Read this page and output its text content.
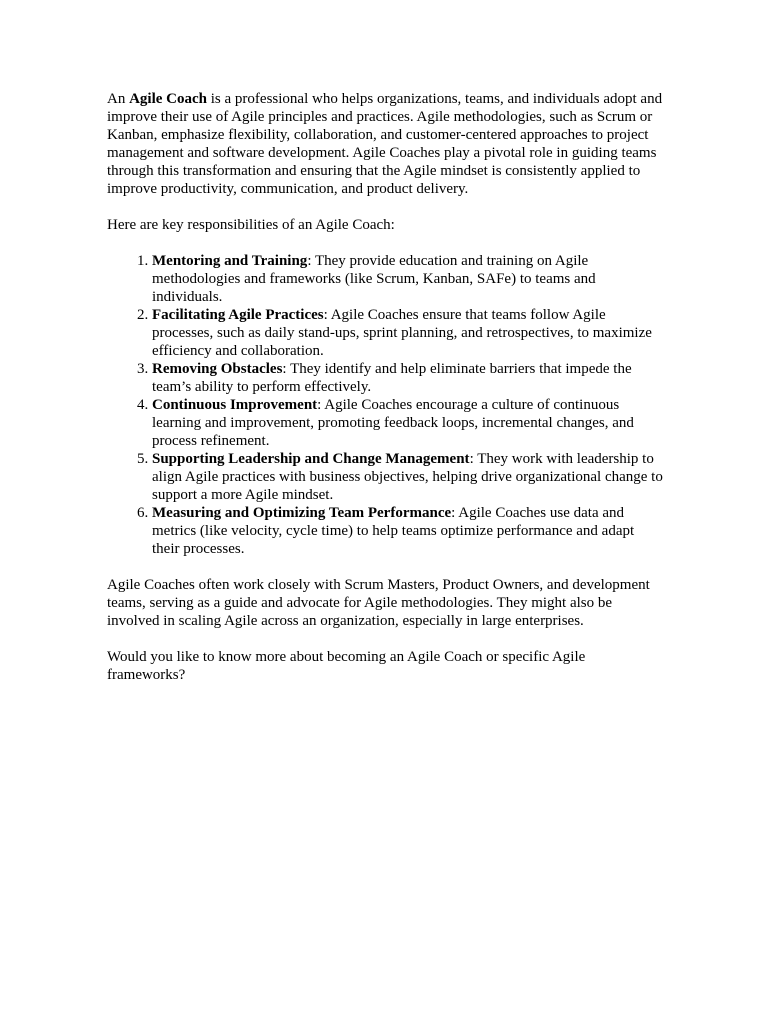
An Agile Coach is a professional who helps organizations, teams, and individuals adopt and improve their use of Agile principles and practices. Agile methodologies, such as Scrum or Kanban, emphasize flexibility, collaboration, and customer-centered approaches to project management and software development. Agile Coaches play a pivotal role in guiding teams through this transformation and ensuring that the Agile mindset is consistently applied to improve productivity, communication, and product delivery.

Here are key responsibilities of an Agile Coach:

1. Mentoring and Training: They provide education and training on Agile methodologies and frameworks (like Scrum, Kanban, SAFe) to teams and individuals.
2. Facilitating Agile Practices: Agile Coaches ensure that teams follow Agile processes, such as daily stand-ups, sprint planning, and retrospectives, to maximize efficiency and collaboration.
3. Removing Obstacles: They identify and help eliminate barriers that impede the team’s ability to perform effectively.
4. Continuous Improvement: Agile Coaches encourage a culture of continuous learning and improvement, promoting feedback loops, incremental changes, and process refinement.
5. Supporting Leadership and Change Management: They work with leadership to align Agile practices with business objectives, helping drive organizational change to support a more Agile mindset.
6. Measuring and Optimizing Team Performance: Agile Coaches use data and metrics (like velocity, cycle time) to help teams optimize performance and adapt their processes.

Agile Coaches often work closely with Scrum Masters, Product Owners, and development teams, serving as a guide and advocate for Agile methodologies. They might also be involved in scaling Agile across an organization, especially in large enterprises.

Would you like to know more about becoming an Agile Coach or specific Agile frameworks?
